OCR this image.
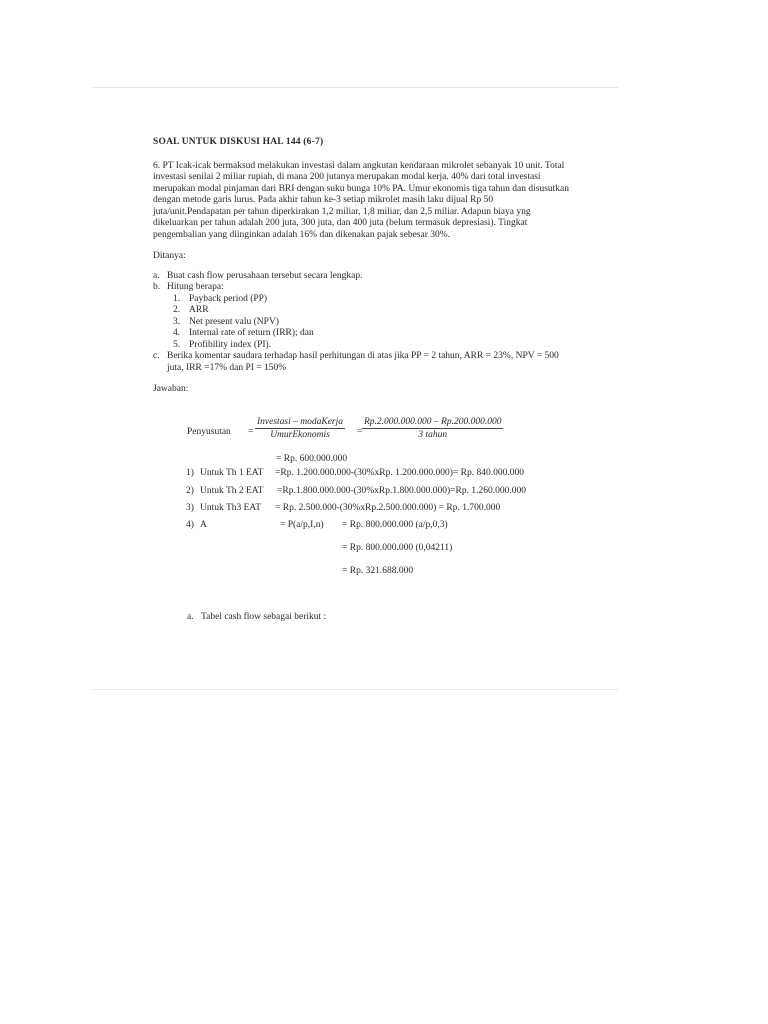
SOAL UNTUK DISKUSI HAL 144 (6-7)

6. PT Icak-icak bermaksud melakukan investasi dalam angkutan kendaraan mikrolet sebanyak 10 unit. Total investasi senilai 2 miliar rupiah, di mana 200 jutanya merupakan modal kerja. 40% dari total investasi merupakan modal pinjaman dari BRI dengan suku bunga 10% PA. Umur ekonomis tiga tahun dan disusutkan dengan metode garis lurus. Pada akhir tahun ke-3 setiap mikrolet masih laku dijual Rp 50 juta/unit.Pendapatan per tahun diperkirakan 1,2 miliar, 1,8 miliar, dan 2,5 miliar. Adapun biaya yng dikeluarkan per tahun adalah 200 juta, 300 juta, dan 400 juta (belum termasuk depresiasi). Tingkat pengembalian yang diinginkan adalah 16% dan dikenakan pajak sebesar 30%.

Ditanya:

a. Buat cash flow perusahaan tersebut secara lengkap.
b. Hitung berapa:
1. Payback period (PP)
2. ARR
3. Net present valu (NPV)
4. Internal rate of return (IRR); dan
5. Profibility index (PI).
c. Berika komentar saudara terhadap hasil perhitungan di atas jika PP = 2 tahun, ARR = 23%, NPV = 500 juta, IRR =17% dan PI = 150%

Jawaban:

Penyusutan =
Investasi – modaKerja
UmurEkonomis	=
Rp.2.000.000.000 – Rp.200.000.000
3 tahun
= Rp. 600.000.000
1) Untuk Th 1 EAT =Rp. 1.200.000.000-(30%xRp. 1.200.000.000)= Rp. 840.000.000
2) Untuk Th 2 EAT =Rp.1.800.000.000-(30%xRp.1.800.000.000)=Rp. 1.260.000.000
3) Untuk Th3 EAT = Rp. 2.500.000-(30%xRp.2.500.000.000) = Rp. 1.700.000
4) A	= P(a/p,I,n) = Rp. 800.000.000 (a/p,0,3)
= Rp. 800.000.000 (0,04211)
= Rp. 321.688.000
a. Tabel cash flow sebagai berikut :
